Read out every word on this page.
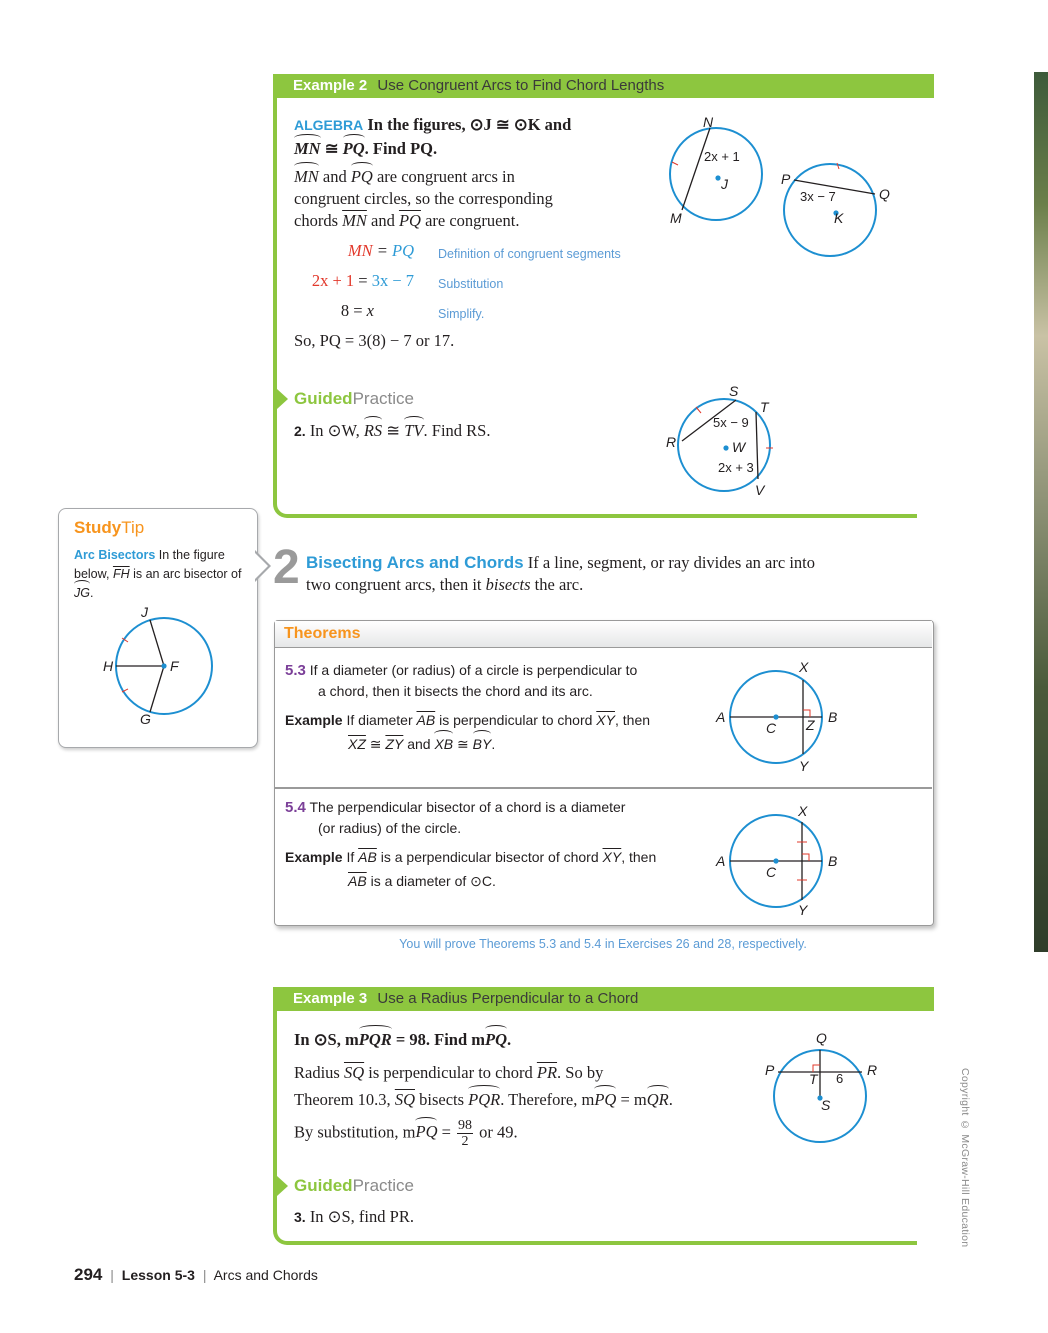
Example 2 Use Congruent Arcs to Find Chord Lengths
ALGEBRA In the figures, ⊙J ≅ ⊙K and
MN ≅ PQ. Find PQ.
MN and PQ are congruent arcs in
congruent circles, so the corresponding
chords $\overline{MN}$ and $\overline{PQ}$ are congruent.
MN = PQ Definition of congruent segments
2x + 1 = 3x − 7 Substitution
8 = x	Simplify.
So, PQ = 3(8) − 7 or 17.
N
2x + 1
J
M
P
Q
3x − 7
K
GuidedPractice
2. In ⊙W, RS ≅ TV. Find RS.
S
T
5x − 9
R	W
2x + 3
V
StudyTip
Arc Bisectors In the figure below, $\overline{FH}$ is an arc bisector of JG.
J
H	F
G
2 Bisecting Arcs and Chords If a line, segment, or ray divides an arc into
two congruent arcs, then it bisects the arc.
Theorems
5.3 If a diameter (or radius) of a circle is perpendicular to
a chord, then it bisects the chord and its arc.
Example If diameter $\overline{AB}$ is perpendicular to chord $\overline{XY}$, then
$\overline{XZ}$ ≅ $\overline{ZY}$ and XB ≅ BY.
X
A
C Z B
Y
5.4 The perpendicular bisector of a chord is a diameter
(or radius) of the circle.
Example If $\overline{AB}$ is a perpendicular bisector of chord $\overline{XY}$, then
$\overline{AB}$ is a diameter of ⊙C.
X
A
C
B
Y
You will prove Theorems 5.3 and 5.4 in Exercises 26 and 28, respectively.
Example 3 Use a Radius Perpendicular to a Chord
In ⊙S, mPQR = 98. Find mPQ.
Radius $\overline{SQ}$ is perpendicular to chord $\overline{PR}$. So by
Theorem 10.3, $\overline{SQ}$ bisects PQR. Therefore, mPQ = mQR.
By substitution, mPQ = $\frac{98}{2}$ or 49.
Q
P	R
T 6
S
GuidedPractice
3. In ⊙S, find PR.	Copyright © McGraw-Hill Education
294 | Lesson 5-3 | Arcs and Chords
